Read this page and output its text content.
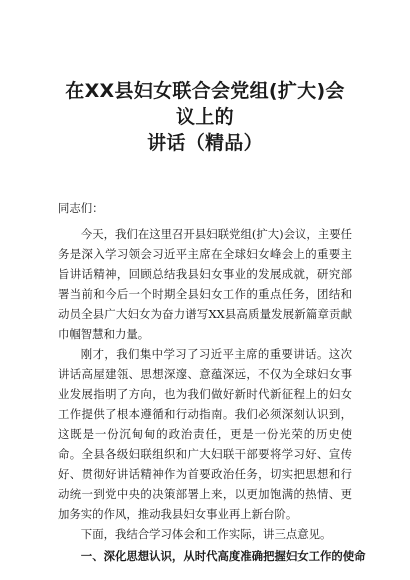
在XX县妇女联合会党组(扩大)会议上的
讲话（精品）
同志们：

今天，我们在这里召开县妇联党组(扩大)会议，主要任务是深入学习领会习近平主席在全球妇女峰会上的重要主旨讲话精神，回顾总结我县妇女事业的发展成就，研究部署当前和今后一个时期全县妇女工作的重点任务，团结和动员全县广大妇女为奋力谱写XX县高质量发展新篇章贡献巾帼智慧和力量。

刚才，我们集中学习了习近平主席的重要讲话。这次讲话高屋建瓴、思想深邃、意蕴深远，不仅为全球妇女事业发展指明了方向，也为我们做好新时代新征程上的妇女工作提供了根本遵循和行动指南。我们必须深刻认识到，这既是一份沉甸甸的政治责任，更是一份光荣的历史使命。全县各级妇联组织和广大妇联干部要将学习好、宣传好、贯彻好讲话精神作为首要政治任务，切实把思想和行动统一到党中央的决策部署上来，以更加饱满的热情、更加务实的作风，推动我县妇女事业再上新台阶。

下面，我结合学习体会和工作实际，讲三点意见。

一、深化思想认识，从时代高度准确把握妇女工作的使命
